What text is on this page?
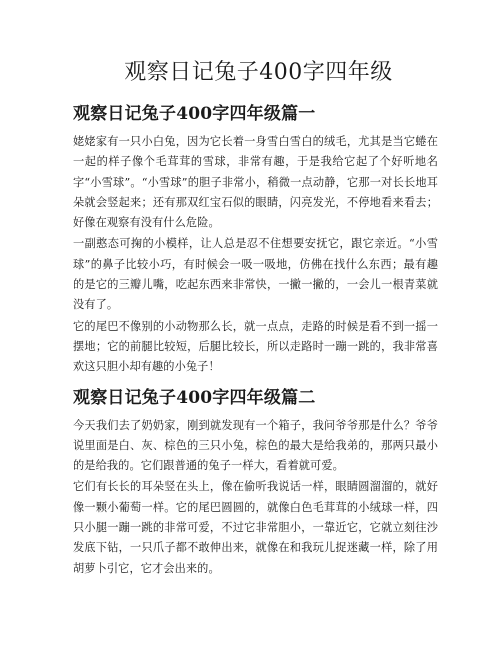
观察日记兔子400字四年级
观察日记兔子400字四年级篇一

姥姥家有一只小白兔，因为它长着一身雪白雪白的绒毛，尤其是当它蜷在一起的样子像个毛茸茸的雪球，非常有趣，于是我给它起了个好听地名字“小雪球”。“小雪球”的胆子非常小，稍微一点动静，它那一对长长地耳朵就会竖起来；还有那双红宝石似的眼睛，闪亮发光，不停地看来看去；好像在观察有没有什么危险。

一副憨态可掬的小模样，让人总是忍不住想要安抚它，跟它亲近。“小雪球”的鼻子比较小巧，有时候会一吸一吸地，仿佛在找什么东西；最有趣的是它的三瓣儿嘴，吃起东西来非常快，一撇一撇的，一会儿一根青菜就没有了。

它的尾巴不像别的小动物那么长，就一点点，走路的时候是看不到一摇一摆地；它的前腿比较短，后腿比较长，所以走路时一蹦一跳的，我非常喜欢这只胆小却有趣的小兔子！

观察日记兔子400字四年级篇二

今天我们去了奶奶家，刚到就发现有一个箱子，我问爷爷那是什么？爷爷说里面是白、灰、棕色的三只小兔，棕色的最大是给我弟的，那两只最小的是给我的。它们跟普通的兔子一样大，看着就可爱。

它们有长长的耳朵竖在头上，像在偷听我说话一样，眼睛圆溜溜的，就好像一颗小葡萄一样。它的尾巴圆圆的，就像白色毛茸茸的小绒球一样，四只小腿一蹦一跳的非常可爱，不过它非常胆小，一靠近它，它就立刻往沙发底下钻，一只爪子都不敢伸出来，就像在和我玩儿捉迷藏一样，除了用胡萝卜引它，它才会出来的。
